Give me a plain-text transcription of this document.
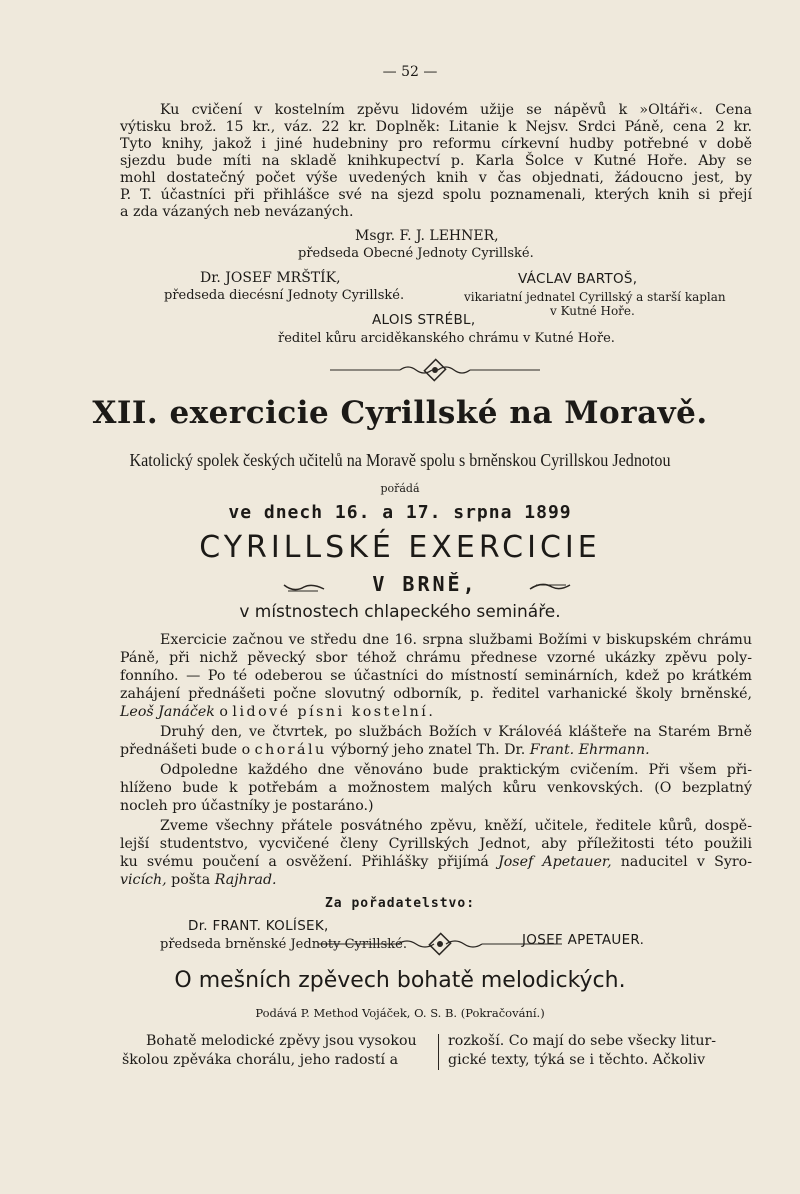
— 52 —
Ku cvičení v kostelním zpěvu lidovém užije se nápěvů k »Oltáři«. Cena
výtisku brož. 15 kr., váz. 22 kr. Doplněk: Litanie k Nejsv. Srdci Páně, cena 2 kr.
Tyto knihy, jakož i jiné hudebniny pro reformu církevní hudby potřebné v době
sjezdu bude míti na skladě knihkupectví p. Karla Šolce v Kutné Hoře. Aby se
mohl dostatečný počet výše uvedených knih v čas objednati, žádoucno jest, by
P. T. účastníci při přihlášce své na sjezd spolu poznamenali, kterých knih si přejí
a zda vázaných neb nevázaných.
Msgr. F. J. LEHNER,
předseda Obecné Jednoty Cyrillské.
Dr. JOSEF MRŠTÍK,
předseda diecésní Jednoty Cyrillské.
VÁCLAV BARTOŠ,
vikariatní jednatel Cyrillský a starší kaplan
v Kutné Hoře.
ALOIS STRÉBL,
ředitel kůru arciděkanského chrámu v Kutné Hoře.
XII. exercicie Cyrillské na Moravě.
Katolický spolek českých učitelů na Moravě spolu s brněnskou Cyrillskou Jednotou
pořádá
ve dnech 16. a 17. srpna 1899
CYRILLSKÉ EXERCICIE
V BRNĚ,
v místnostech chlapeckého semináře.
Exercicie začnou ve středu dne 16. srpna službami Božími v biskupském chrámu
Páně, při nichž pěvecký sbor téhož chrámu přednese vzorné ukázky zpěvu poly-
fonního. — Po té odeberou se účastníci do místností seminárních, kdež po krátkém
zahájení přednášeti počne slovutný odborník, p. ředitel varhanické školy brněnské,
Leoš Janáček o lidové písni kostelní.
Druhý den, ve čtvrtek, po službách Božích v Královéá klášteře na Starém Brně
přednášeti bude o chorálu výborný jeho znatel Th. Dr. Frant. Ehrmann.
Odpoledne každého dne věnováno bude praktickým cvičením. Při všem při-
hlíženo bude k potřebám a možnostem malých kůru venkovských. (O bezplatný
nocleh pro účastníky je postaráno.)
Zveme všechny přátele posvátného zpěvu, kněží, učitele, ředitele kůrů, dospě-
lejší studentstvo, vycvičené členy Cyrillských Jednot, aby příležitosti této použili
ku svému poučení a osvěžení. Přihlášky přijímá Josef Apetauer, naducitel v Syro-
vicích, pošta Rajhrad.
Za pořadatelstvo:
Dr. FRANT. KOLÍSEK,
předseda brněnské Jednoty Cyrillské.	JOSEF APETAUER.
O mešních zpěvech bohatě melodických.
Podává P. Method Vojáček, O. S. B. (Pokračování.)
Bohatě melodické zpěvy jsou vysokou
školou zpěváka chorálu, jeho radostí a
rozkoší. Co mají do sebe všecky litur-
gické texty, týká se i těchto. Ačkoliv
